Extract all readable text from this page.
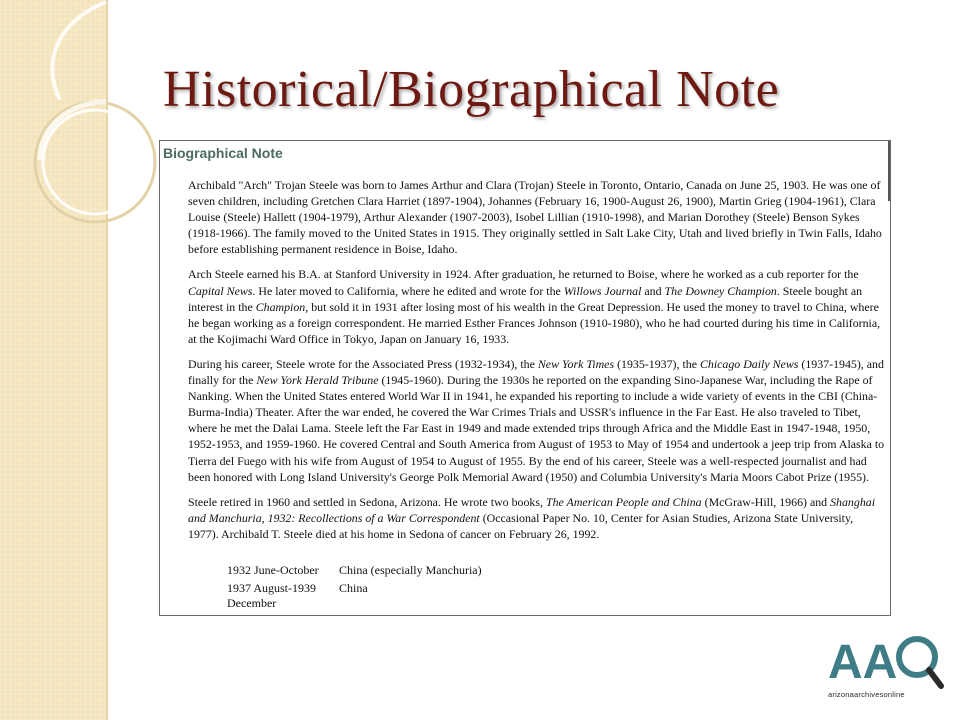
Historical/Biographical Note
Biographical Note

Archibald "Arch" Trojan Steele was born to James Arthur and Clara (Trojan) Steele in Toronto, Ontario, Canada on June 25, 1903. He was one of seven children, including Gretchen Clara Harriet (1897-1904), Johannes (February 16, 1900-August 26, 1900), Martin Grieg (1904-1961), Clara Louise (Steele) Hallett (1904-1979), Arthur Alexander (1907-2003), Isobel Lillian (1910-1998), and Marian Dorothey (Steele) Benson Sykes (1918-1966). The family moved to the United States in 1915. They originally settled in Salt Lake City, Utah and lived briefly in Twin Falls, Idaho before establishing permanent residence in Boise, Idaho.

Arch Steele earned his B.A. at Stanford University in 1924. After graduation, he returned to Boise, where he worked as a cub reporter for the Capital News. He later moved to California, where he edited and wrote for the Willows Journal and The Downey Champion. Steele bought an interest in the Champion, but sold it in 1931 after losing most of his wealth in the Great Depression. He used the money to travel to China, where he began working as a foreign correspondent. He married Esther Frances Johnson (1910-1980), who he had courted during his time in California, at the Kojimachi Ward Office in Tokyo, Japan on January 16, 1933.

During his career, Steele wrote for the Associated Press (1932-1934), the New York Times (1935-1937), the Chicago Daily News (1937-1945), and finally for the New York Herald Tribune (1945-1960). During the 1930s he reported on the expanding Sino-Japanese War, including the Rape of Nanking. When the United States entered World War II in 1941, he expanded his reporting to include a wide variety of events in the CBI (China-Burma-India) Theater. After the war ended, he covered the War Crimes Trials and USSR's influence in the Far East. He also traveled to Tibet, where he met the Dalai Lama. Steele left the Far East in 1949 and made extended trips through Africa and the Middle East in 1947-1948, 1950, 1952-1953, and 1959-1960. He covered Central and South America from August of 1953 to May of 1954 and undertook a jeep trip from Alaska to Tierra del Fuego with his wife from August of 1954 to August of 1955. By the end of his career, Steele was a well-respected journalist and had been honored with Long Island University's George Polk Memorial Award (1950) and Columbia University's Maria Moors Cabot Prize (1955).

Steele retired in 1960 and settled in Sedona, Arizona. He wrote two books, The American People and China (McGraw-Hill, 1966) and Shanghai and Manchuria, 1932: Recollections of a War Correspondent (Occasional Paper No. 10, Center for Asian Studies, Arizona State University, 1977). Archibald T. Steele died at his home in Sedona of cancer on February 26, 1992.

1932 June-October	China (especially Manchuria)
1937 August-1939 December
China
AA
arizonaarchivesonline
